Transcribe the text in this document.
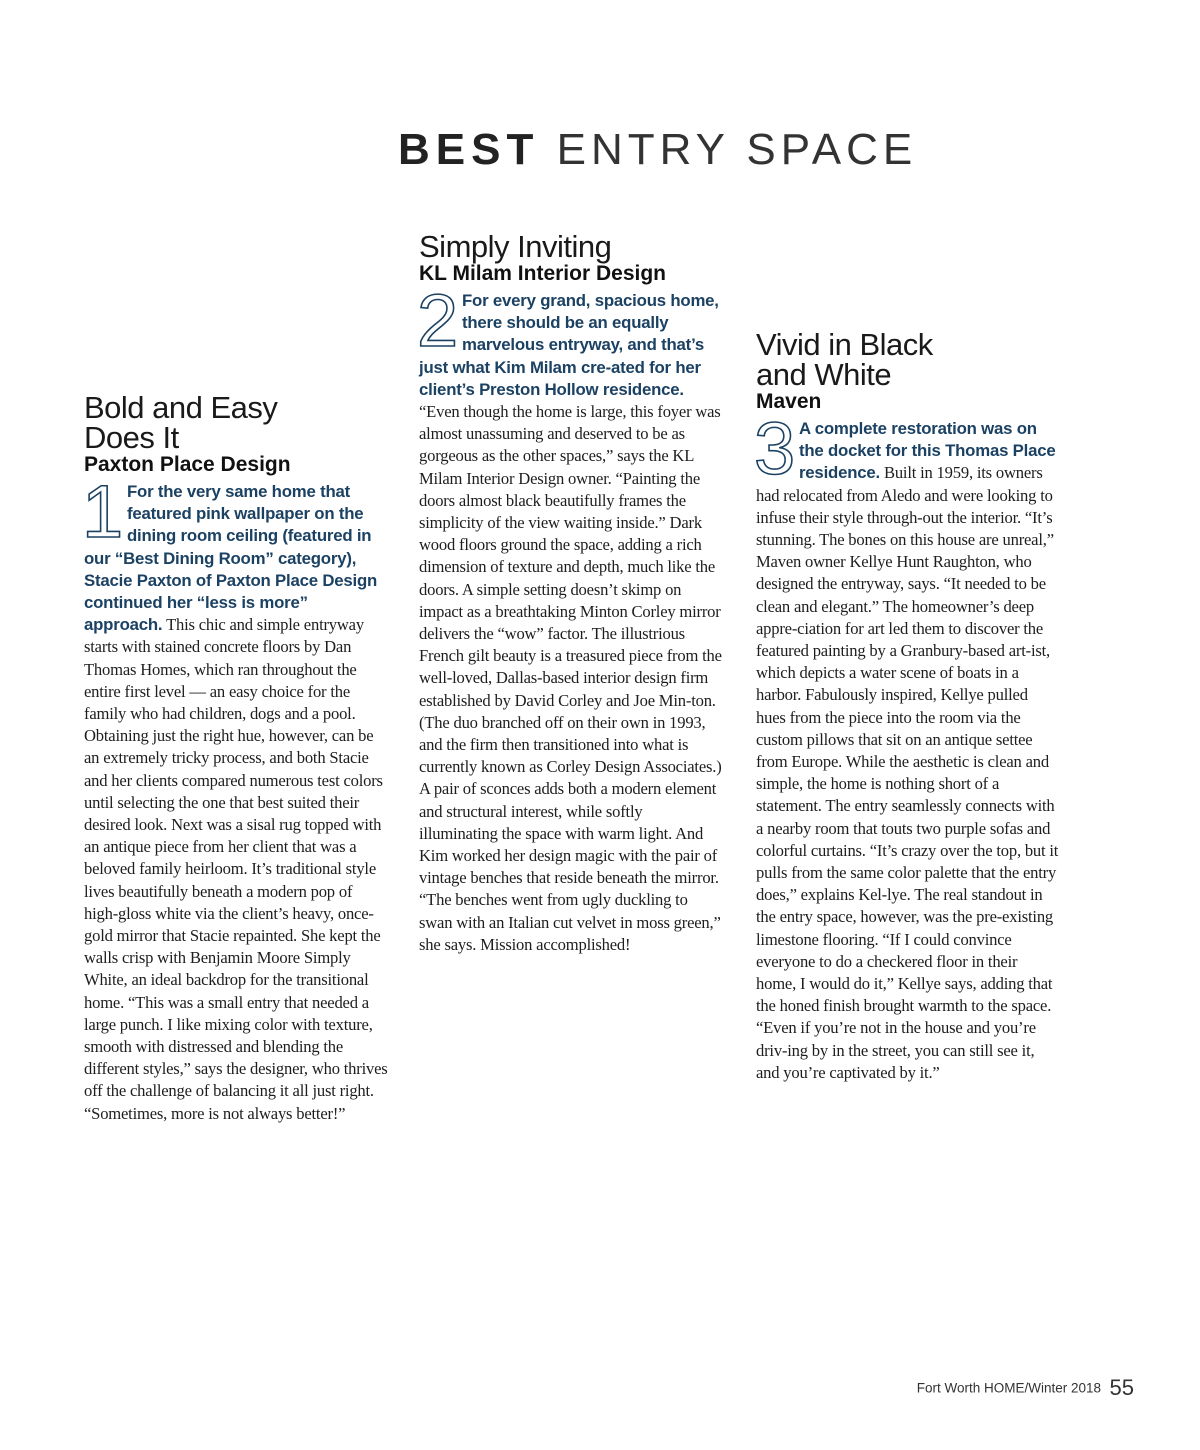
BEST ENTRY SPACE
Bold and Easy
Does It
Paxton Place Design

1 For the very same home that featured pink wallpaper on the dining room ceiling (featured in our “Best Dining Room” category), Stacie Paxton of Paxton Place Design continued her “less is more” approach. This chic and simple entryway starts with stained concrete floors by Dan Thomas Homes, which ran throughout the entire first level — an easy choice for the family who had children, dogs and a pool. Obtaining just the right hue, however, can be an extremely tricky process, and both Stacie and her clients compared numerous test colors until selecting the one that best suited their desired look. Next was a sisal rug topped with an antique piece from her client that was a beloved family heirloom. It’s traditional style lives beautifully beneath a modern pop of high-gloss white via the client’s heavy, once-gold mirror that Stacie repainted. She kept the walls crisp with Benjamin Moore Simply White, an ideal backdrop for the transitional home. “This was a small entry that needed a large punch. I like mixing color with texture, smooth with distressed and blending the different styles,” says the designer, who thrives off the challenge of balancing it all just right. “Sometimes, more is not always better!”

Simply Inviting
KL Milam Interior Design

2 For every grand, spacious home, there should be an equally marvelous entryway, and that’s just what Kim Milam cre-ated for her client’s Preston Hollow residence. “Even though the home is large, this foyer was almost unassuming and deserved to be as gorgeous as the other spaces,” says the KL Milam Interior Design owner. “Painting the doors almost black beautifully frames the simplicity of the view waiting inside.” Dark wood floors ground the space, adding a rich dimension of texture and depth, much like the doors. A simple setting doesn’t skimp on impact as a breathtaking Minton Corley mirror delivers the “wow” factor. The illustrious French gilt beauty is a treasured piece from the well-loved, Dallas-based interior design firm established by David Corley and Joe Min-ton. (The duo branched off on their own in 1993, and the firm then transitioned into what is currently known as Corley Design Associates.) A pair of sconces adds both a modern element and structural interest, while softly illuminating the space with warm light. And Kim worked her design magic with the pair of vintage benches that reside beneath the mirror. “The benches went from ugly duckling to swan with an Italian cut velvet in moss green,” she says. Mission accomplished!

Vivid in Black
and White
Maven

3 A complete restoration was on the docket for this Thomas Place residence. Built in 1959, its owners had relocated from Aledo and were looking to infuse their style through-out the interior. “It’s stunning. The bones on this house are unreal,” Maven owner Kellye Hunt Raughton, who designed the entryway, says. “It needed to be clean and elegant.” The homeowner’s deep appre-ciation for art led them to discover the featured painting by a Granbury-based art-ist, which depicts a water scene of boats in a harbor. Fabulously inspired, Kellye pulled hues from the piece into the room via the custom pillows that sit on an antique settee from Europe. While the aesthetic is clean and simple, the home is nothing short of a statement. The entry seamlessly connects with a nearby room that touts two purple sofas and colorful curtains. “It’s crazy over the top, but it pulls from the same color palette that the entry does,” explains Kel-lye. The real standout in the entry space, however, was the pre-existing limestone flooring. “If I could convince everyone to do a checkered floor in their home, I would do it,” Kellye says, adding that the honed finish brought warmth to the space. “Even if you’re not in the house and you’re driv-ing by in the street, you can still see it, and you’re captivated by it.”

Fort Worth HOME/Winter 2018 55
